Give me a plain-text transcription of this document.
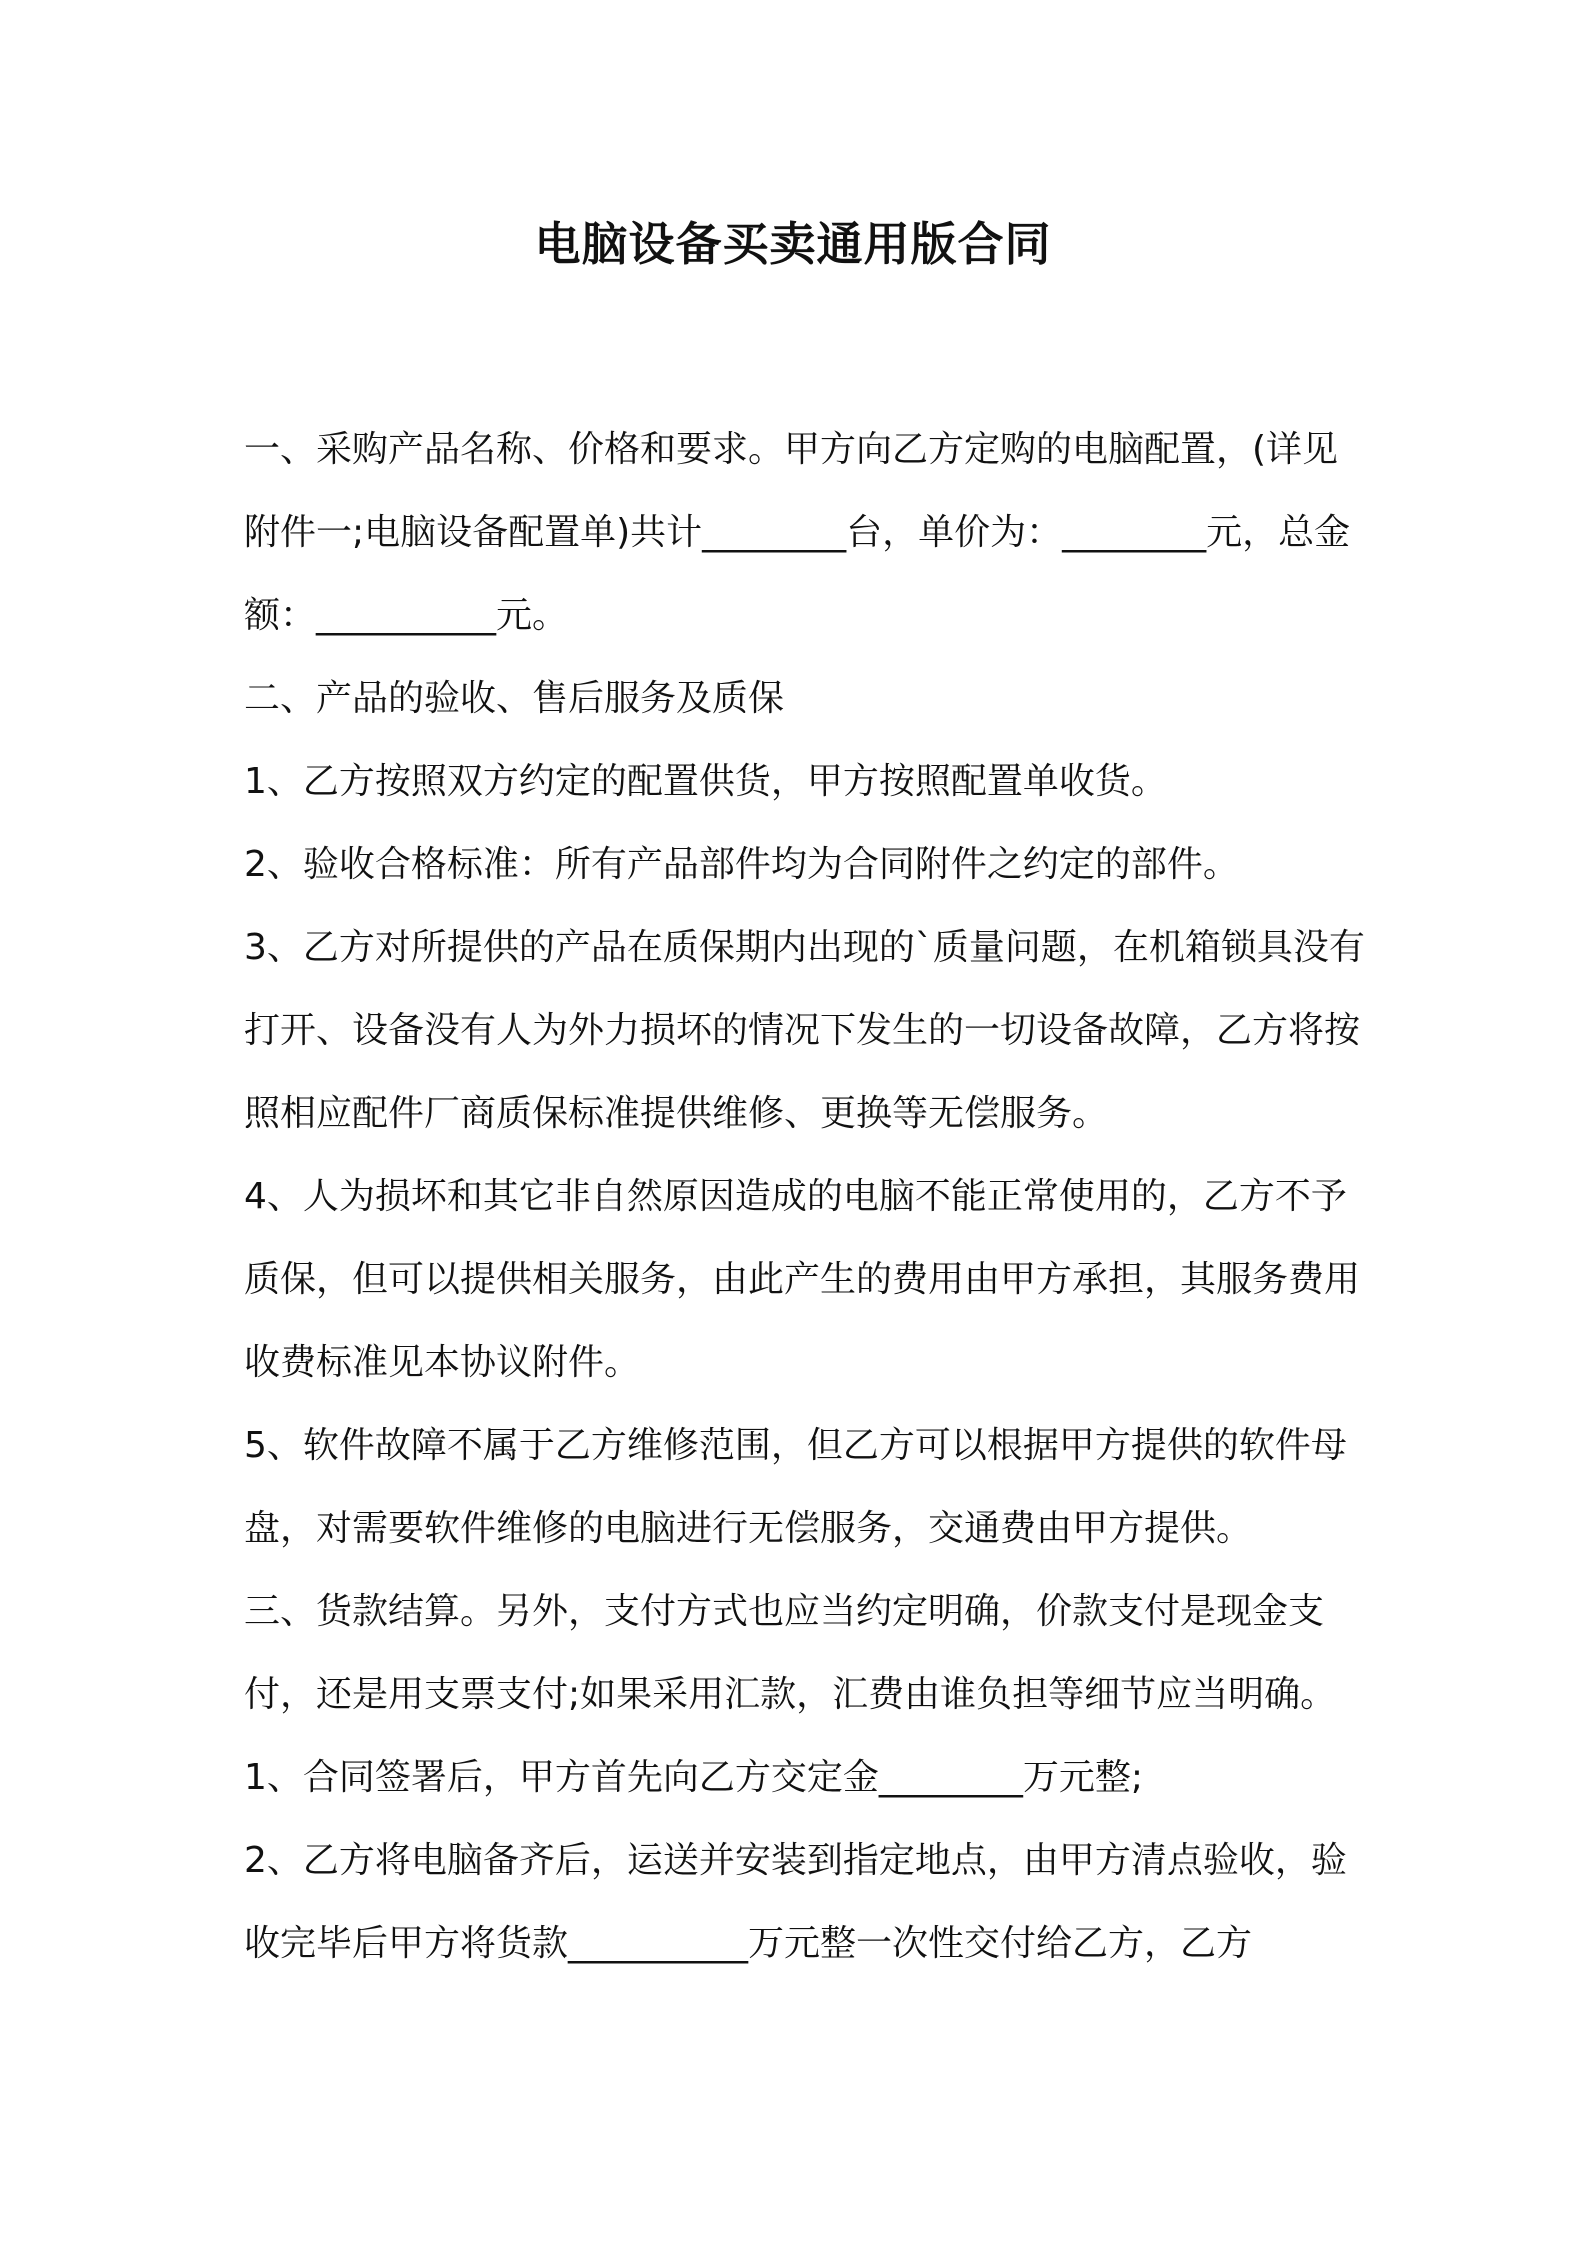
电脑设备买卖通用版合同

一、采购产品名称、价格和要求。甲方向乙方定购的电脑配置，(详见附件一;电脑设备配置单)共计________台，单价为：________元，总金额：__________元。

二、产品的验收、售后服务及质保

1、乙方按照双方约定的配置供货，甲方按照配置单收货。

2、验收合格标准：所有产品部件均为合同附件之约定的部件。

3、乙方对所提供的产品在质保期内出现的`质量问题，在机箱锁具没有打开、设备没有人为外力损坏的情况下发生的一切设备故障，乙方将按照相应配件厂商质保标准提供维修、更换等无偿服务。

4、人为损坏和其它非自然原因造成的电脑不能正常使用的，乙方不予质保，但可以提供相关服务，由此产生的费用由甲方承担，其服务费用收费标准见本协议附件。

5、软件故障不属于乙方维修范围，但乙方可以根据甲方提供的软件母盘，对需要软件维修的电脑进行无偿服务，交通费由甲方提供。

三、货款结算。另外，支付方式也应当约定明确，价款支付是现金支付，还是用支票支付;如果采用汇款，汇费由谁负担等细节应当明确。

1、合同签署后，甲方首先向乙方交定金________万元整;

2、乙方将电脑备齐后，运送并安装到指定地点，由甲方清点验收，验收完毕后甲方将货款__________万元整一次性交付给乙方，乙方
